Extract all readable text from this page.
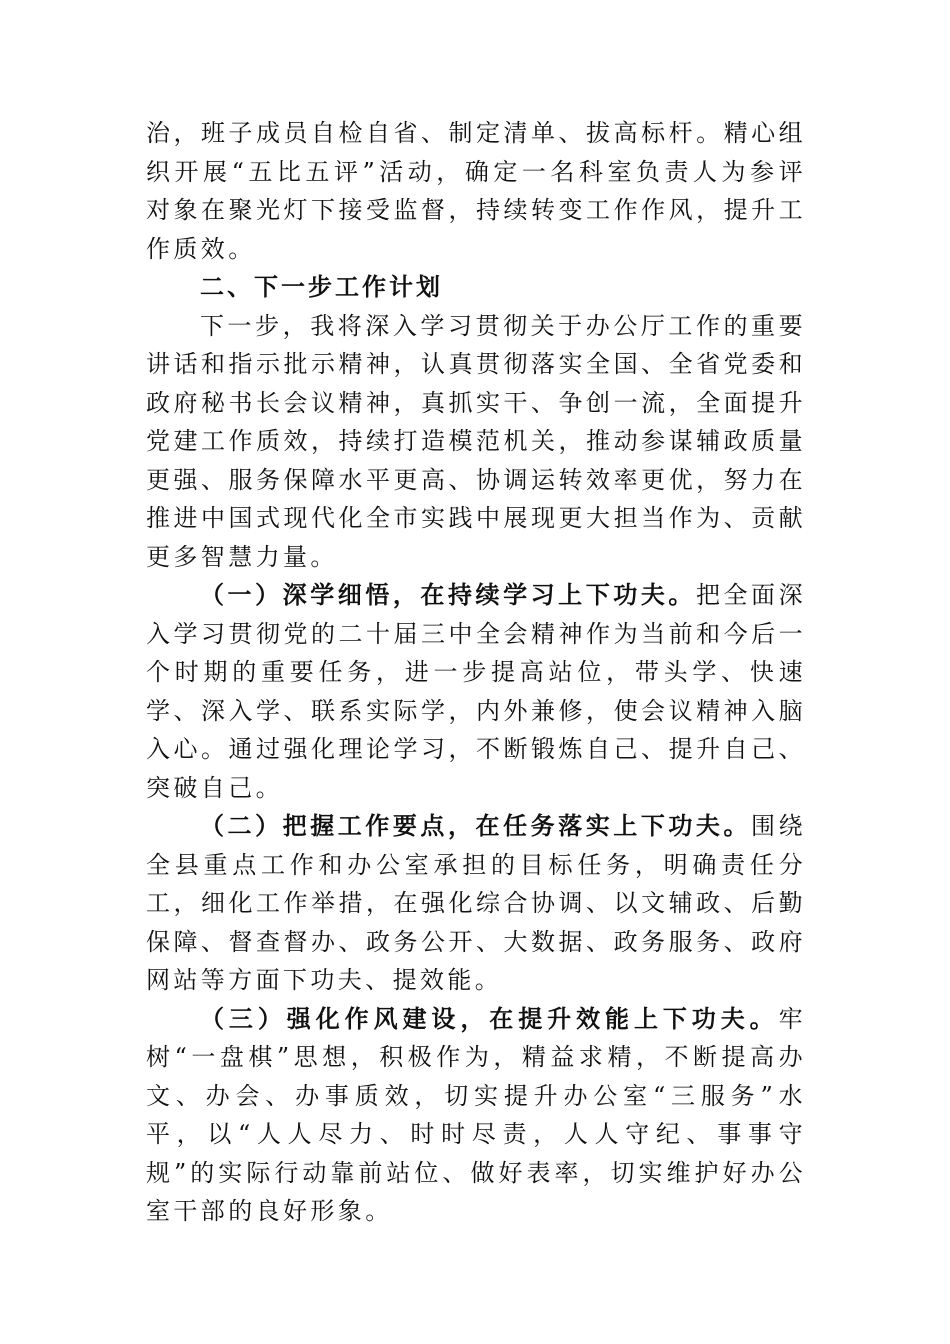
治，班子成员自检自省、制定清单、拔高标杆。精心组织开展“五比五评”活动，确定一名科室负责人为参评对象在聚光灯下接受监督，持续转变工作作风，提升工作质效。

二、下一步工作计划

下一步，我将深入学习贯彻关于办公厅工作的重要讲话和指示批示精神，认真贯彻落实全国、全省党委和政府秘书长会议精神，真抓实干、争创一流，全面提升党建工作质效，持续打造模范机关，推动参谋辅政质量更强、服务保障水平更高、协调运转效率更优，努力在推进中国式现代化全市实践中展现更大担当作为、贡献更多智慧力量。

（一）深学细悟，在持续学习上下功夫。把全面深入学习贯彻党的二十届三中全会精神作为当前和今后一个时期的重要任务，进一步提高站位，带头学、快速学、深入学、联系实际学，内外兼修，使会议精神入脑入心。通过强化理论学习，不断锻炼自己、提升自己、突破自己。

（二）把握工作要点，在任务落实上下功夫。围绕全县重点工作和办公室承担的目标任务，明确责任分工，细化工作举措，在强化综合协调、以文辅政、后勤保障、督查督办、政务公开、大数据、政务服务、政府网站等方面下功夫、提效能。

（三）强化作风建设，在提升效能上下功夫。牢树“一盘棋”思想，积极作为，精益求精，不断提高办文、办会、办事质效，切实提升办公室“三服务”水平，以“人人尽力、时时尽责，人人守纪、事事守规”的实际行动靠前站位、做好表率，切实维护好办公室干部的良好形象。
